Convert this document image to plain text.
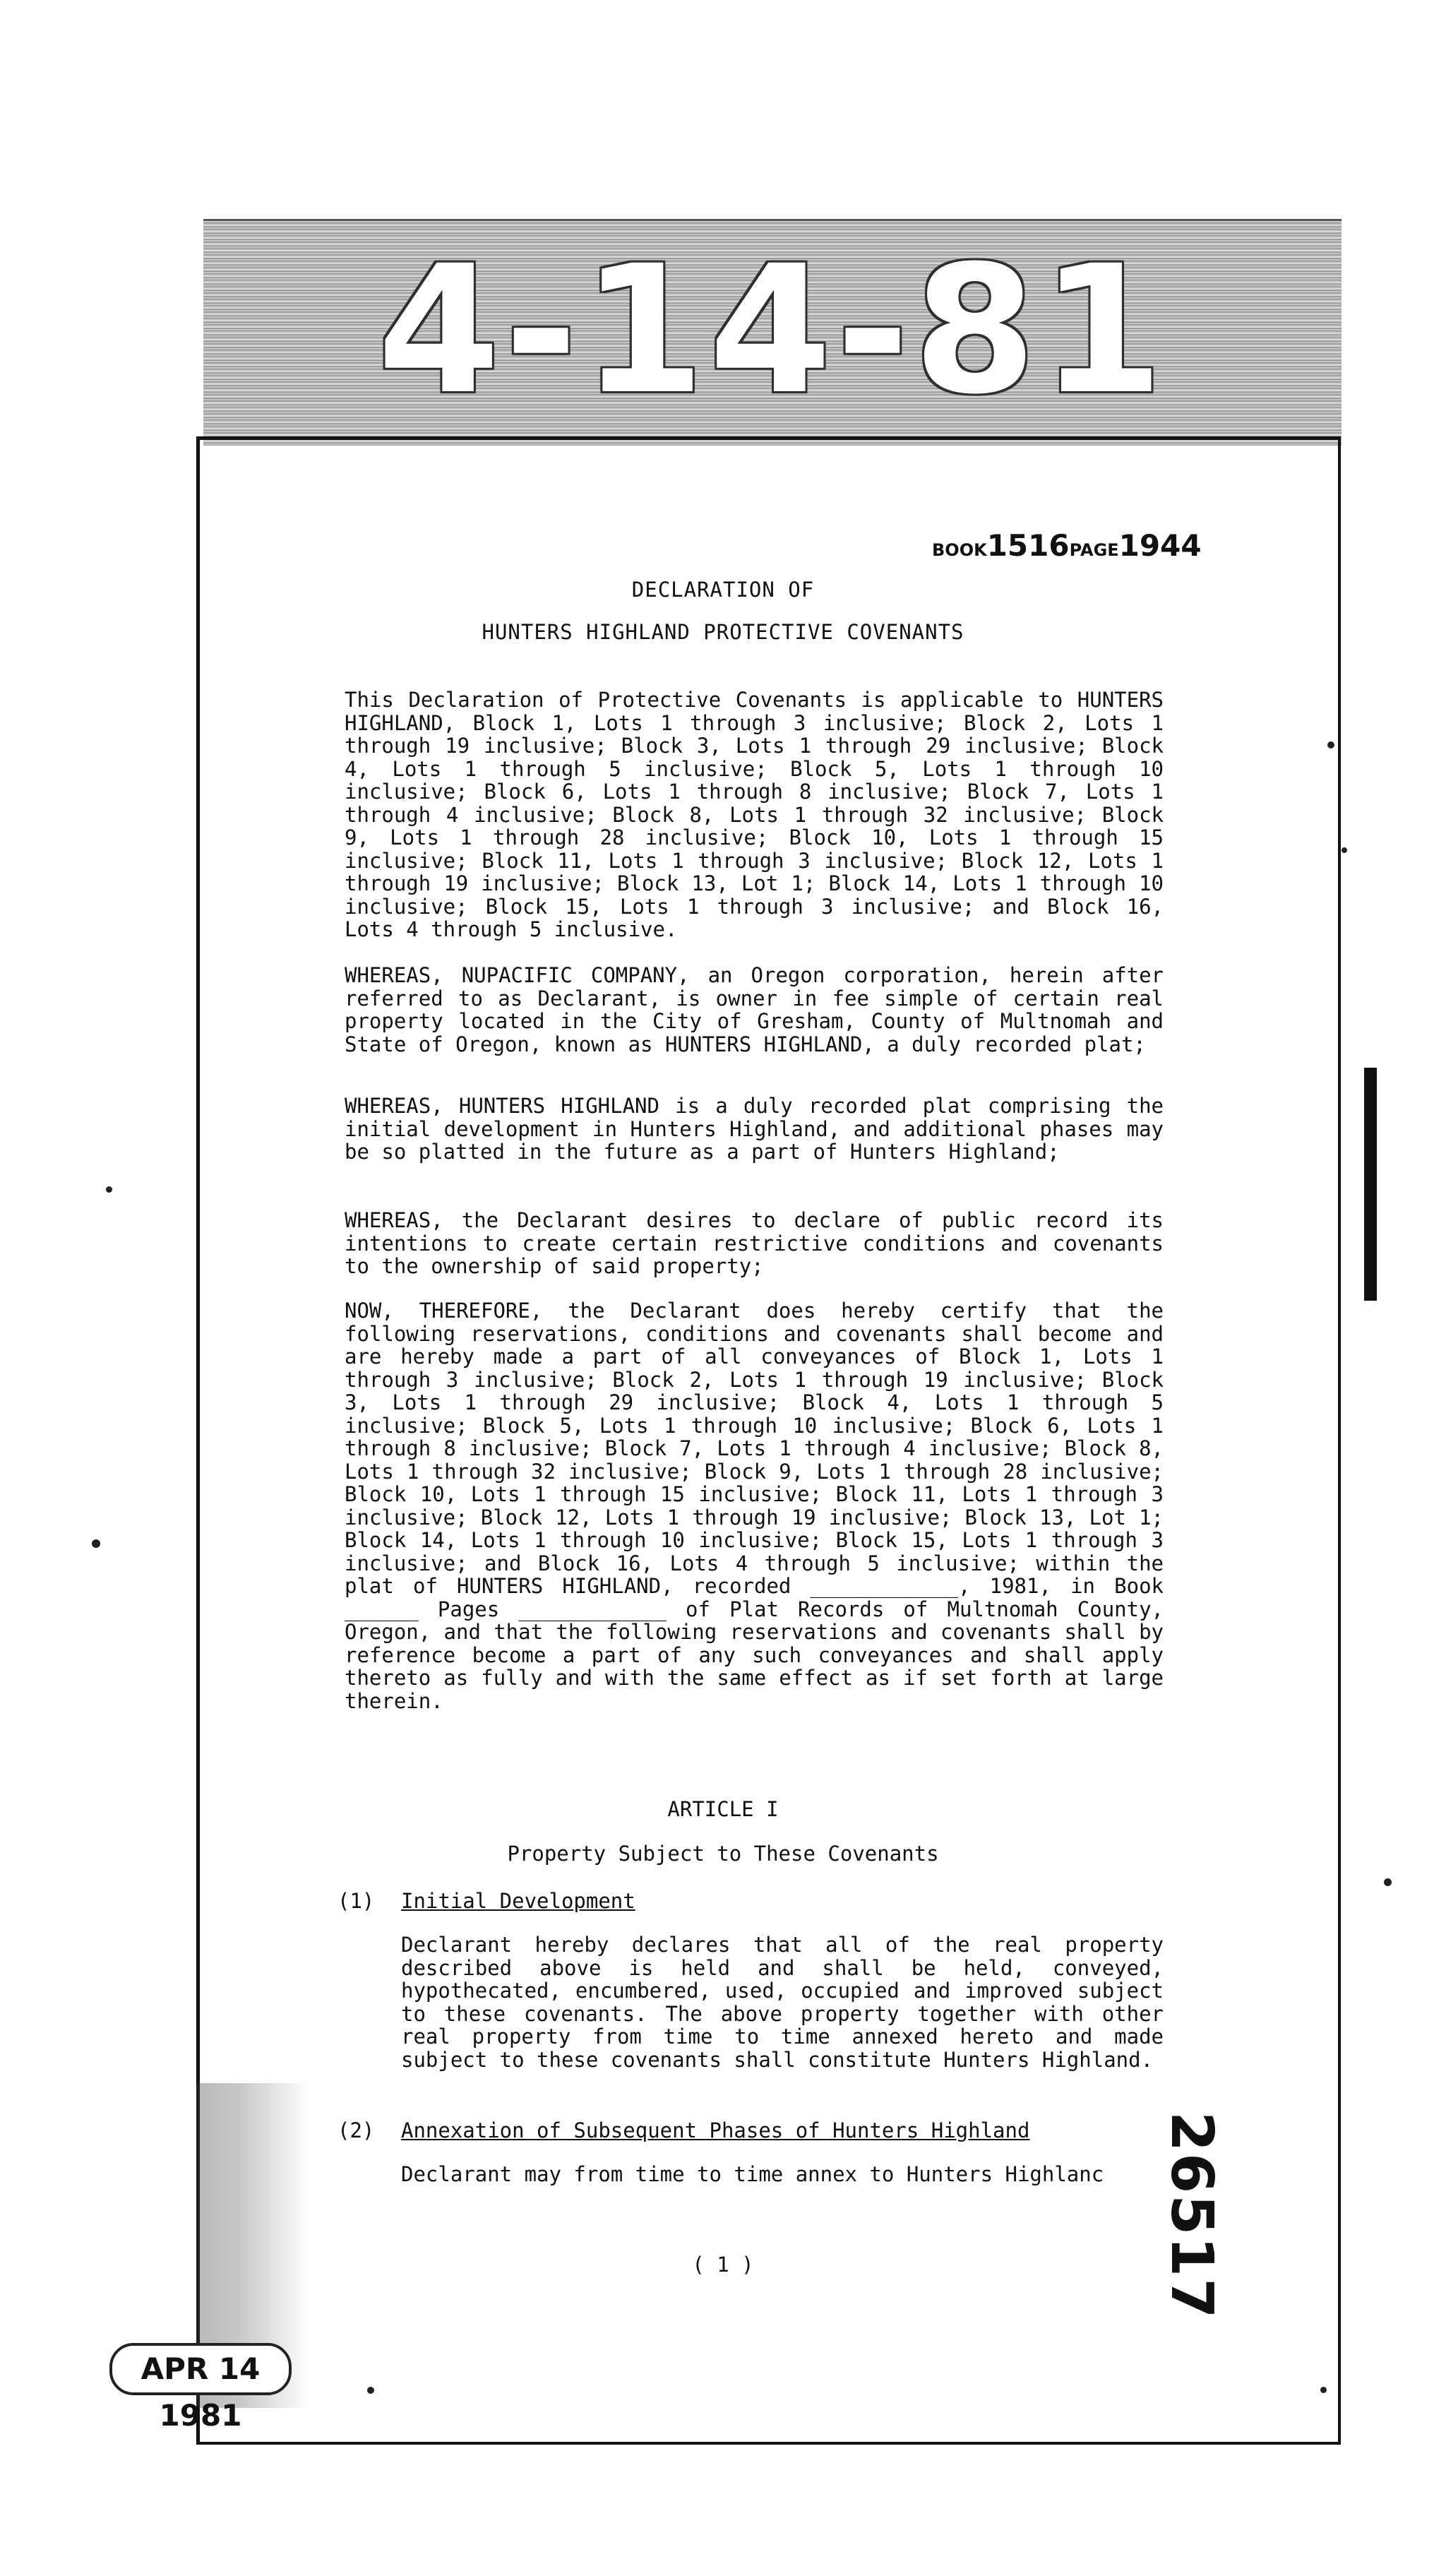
4-14-81
BOOK1516PAGE1944
DECLARATION OF
HUNTERS HIGHLAND PROTECTIVE COVENANTS

This Declaration of Protective Covenants is applicable to HUNTERS HIGHLAND, Block 1, Lots 1 through 3 inclusive; Block 2, Lots 1 through 19 inclusive; Block 3, Lots 1 through 29 inclusive; Block 4, Lots 1 through 5 inclusive; Block 5, Lots 1 through 10 inclusive; Block 6, Lots 1 through 8 inclusive; Block 7, Lots 1 through 4 inclusive; Block 8, Lots 1 through 32 inclusive; Block 9, Lots 1 through 28 inclusive; Block 10, Lots 1 through 15 inclusive; Block 11, Lots 1 through 3 inclusive; Block 12, Lots 1 through 19 inclusive; Block 13, Lot 1; Block 14, Lots 1 through 10 inclusive; Block 15, Lots 1 through 3 inclusive; and Block 16, Lots 4 through 5 inclusive.

WHEREAS, NUPACIFIC COMPANY, an Oregon corporation, herein after referred to as Declarant, is owner in fee simple of certain real property located in the City of Gresham, County of Multnomah and State of Oregon, known as HUNTERS HIGHLAND, a duly recorded plat;

WHEREAS, HUNTERS HIGHLAND is a duly recorded plat comprising the initial development in Hunters Highland, and additional phases may be so platted in the future as a part of Hunters Highland;

WHEREAS, the Declarant desires to declare of public record its intentions to create certain restrictive conditions and covenants to the ownership of said property;

NOW, THEREFORE, the Declarant does hereby certify that the following reservations, conditions and covenants shall become and are hereby made a part of all conveyances of Block 1, Lots 1 through 3 inclusive; Block 2, Lots 1 through 19 inclusive; Block 3, Lots 1 through 29 inclusive; Block 4, Lots 1 through 5 inclusive; Block 5, Lots 1 through 10 inclusive; Block 6, Lots 1 through 8 inclusive; Block 7, Lots 1 through 4 inclusive; Block 8, Lots 1 through 32 inclusive; Block 9, Lots 1 through 28 inclusive; Block 10, Lots 1 through 15 inclusive; Block 11, Lots 1 through 3 inclusive; Block 12, Lots 1 through 19 inclusive; Block 13, Lot 1; Block 14, Lots 1 through 10 inclusive; Block 15, Lots 1 through 3 inclusive; and Block 16, Lots 4 through 5 inclusive; within the plat of HUNTERS HIGHLAND, recorded ____________, 1981, in Book ______ Pages ____________ of Plat Records of Multnomah County, Oregon, and that the following reservations and covenants shall by reference become a part of any such conveyances and shall apply thereto as fully and with the same effect as if set forth at large therein.

ARTICLE I
Property Subject to These Covenants
(1) Initial Development

Declarant hereby declares that all of the real property described above is held and shall be held, conveyed, hypothecated, encumbered, used, occupied and improved subject to these covenants. The above property together with other real property from time to time annexed hereto and made subject to these covenants shall constitute Hunters Highland.

(2) Annexation of Subsequent Phases of Hunters Highland

Declarant may from time to time annex to Hunters Highlanc

( 1 )	26517
APR 14 1981
